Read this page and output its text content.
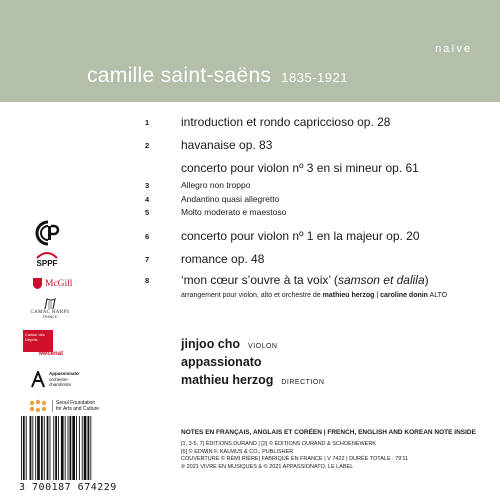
naïve
camille saint-saëns 1835-1921
1	introduction et rondo capriccioso op. 28
2	havanaise op. 83
concerto pour violon nº 3 en si mineur op. 61
3	Allegro non troppo
4	Andantino quasi allegretto
5	Molto moderato e maestoso
6	concerto pour violon nº 1 en la majeur op. 20
7	romance op. 48
8	‘mon cœur s’ouvre à ta voix’ (samson et dalila)
arrangement pour violon, alto et orchestre de mathieu herzog | caroline donin ALTO
jinjoo cho VIOLON
appassionato
mathieu herzog DIRECTION
SPPF
McGill
CAMAC HARPS
FRANCE
Caisse des Dépôts
Mécénat
Appassionato
orchestre
chambriste
Seoul Foundation
for Arts and Culture
NOTES EN FRANÇAIS, ANGLAIS ET CORÉEN | FRENCH, ENGLISH AND KOREAN NOTE INSIDE
[1, 3-5, 7] ÉDITIONS DURAND | [2] © ÉDITIONS DURAND & SCHOENEWERK
[6] © EDWIN F. KALMUS & CO., PUBLISHER
COUVERTURE © RÉMI RIÈRE| FABRIQUÉ EN FRANCE | V 7422 | DURÉE TOTALE : 79'11
℗ 2021 VIVRE EN MUSIQUES & © 2021 APPASSIONATO, LE LABEL
3 700187 674229
